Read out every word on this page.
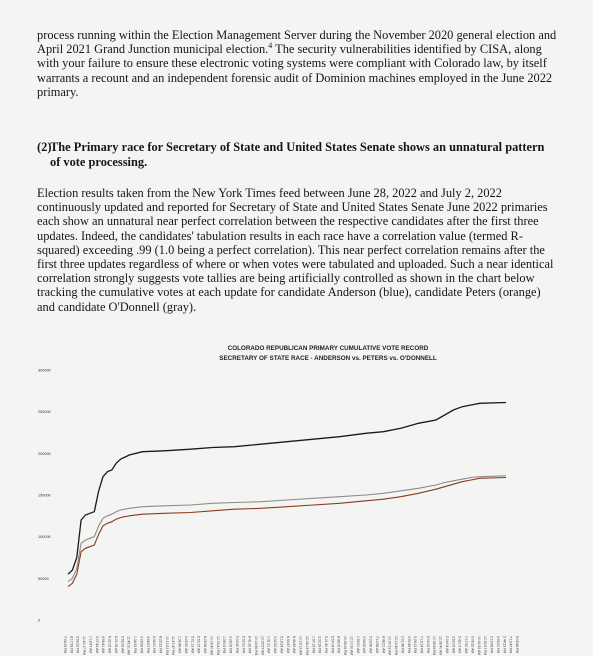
process running within the Election Management Server during the November 2020 general election and April 2021 Grand Junction municipal election.$^4$ The security vulnerabilities identified by CISA, along with your failure to ensure these electronic voting systems were compliant with Colorado law, by itself warrants a recount and an independent forensic audit of Dominion machines employed in the June 2022 primary.

(2)
The Primary race for Secretary of State and United States Senate shows an unnatural pattern of vote processing.

Election results taken from the New York Times feed between June 28, 2022 and July 2, 2022 continuously updated and reported for Secretary of State and United States Senate June 2022 primaries each show an unnatural near perfect correlation between the respective candidates after the first three updates. Indeed, the candidates' tabulation results in each race have a correlation value (termed R-squared) exceeding .99 (1.0 being a perfect correlation). This near perfect correlation remains after the first three updates regardless of where or when votes were tabulated and uploaded. Such a near identical correlation strongly suggests vote tallies are being artificially controlled as shown in the chart below tracking the cumulative votes at each update for candidate Anderson (blue), candidate Peters (orange) and candidate O'Donnell (gray).

COLORADO REPUBLICAN PRIMARY CUMULATIVE VOTE RECORD
SECRETARY OF STATE RACE - ANDERSON vs. PETERS vs. O'DONNELL
300000
250000
200000
150000
100000
50000
0
7:08:19 PM 8:17:39 PM 9:53:22 PM 11:43:17 PM 1:18:47 AM 3:07:43 AM 4:56:41 AM 6:32:05 AM 8:21:06 AM 9:56:29 AM 11:45:31 AM 1:34:32 PM 3:09:56 PM 4:58:57 PM 6:34:21 PM 8:23:22 PM 10:12:23 PM 11:47:47 PM 1:36:48 AM 3:25:50 AM 5:01:13 AM 6:50:15 AM 8:25:38 AM 10:14:40 AM 12:03:41 PM 1:39:05 PM 3:28:06 PM 5:03:30 PM 6:52:31 PM 8:41:32 PM 10:16:56 PM 12:05:57 AM 1:41:21 AM 3:30:22 AM 5:19:24 AM 6:54:47 AM 8:43:49 AM 10:19:12 AM 12:08:14 PM 1:57:15 PM 3:32:39 PM 5:21:40 PM 6:57:04 PM 8:46:05 PM 10:35:06 PM 12:10:30 AM 1:59:31 AM 3:34:55 AM 5:23:56 AM 7:12:58 AM 8:48:21 AM 10:37:23 AM 12:12:46 PM 2:01:48 PM 3:50:49 PM 5:26:13 PM 7:15:14 PM 9:04:15 PM 10:39:39 PM 12:28:40 AM 2:04:04 AM 3:53:05 AM 5:42:07 AM 7:17:30 AM 9:06:32 AM 10:41:55 AM 12:30:57 PM 2:19:58 PM 3:55:22 PM 5:44:23 PM 7:19:47 PM 9:08:48 PM
